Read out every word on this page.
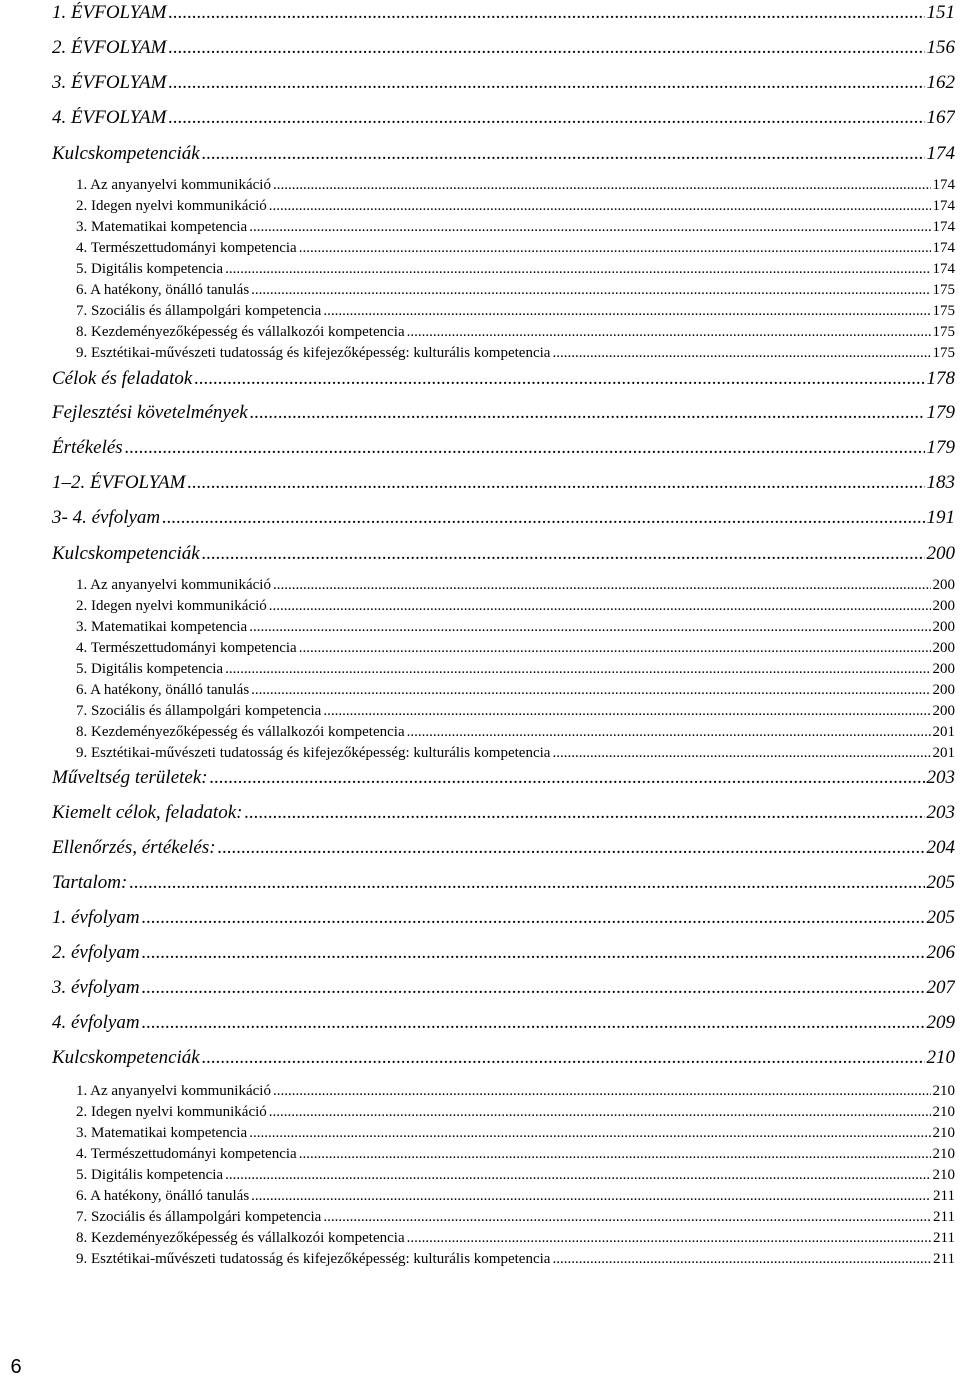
1. ÉVFOLYAM .....	151
2. ÉVFOLYAM .....	156
3. ÉVFOLYAM .....	162
4. ÉVFOLYAM .....	167
Kulcskompetenciák .....	174
1. Az anyanyelvi kommunikáció .....	174
2. Idegen nyelvi kommunikáció .....	174
3. Matematikai kompetencia .....	174
4. Természettudományi kompetencia .....	174
5. Digitális kompetencia .....	174
6. A hatékony, önálló tanulás .....	175
7. Szociális és állampolgári kompetencia .....	175
8. Kezdeményezőképesség és vállalkozói kompetencia .....	175
9. Esztétikai-művészeti tudatosság és kifejezőképesség: kulturális kompetencia .....	175
Célok és feladatok .....	178
Fejlesztési követelmények .....	179
Értékelés .....	179
1–2. ÉVFOLYAM .....	183
3- 4. évfolyam .....	191
Kulcskompetenciák .....	200
1. Az anyanyelvi kommunikáció .....	200
2. Idegen nyelvi kommunikáció .....	200
3. Matematikai kompetencia .....	200
4. Természettudományi kompetencia .....	200
5. Digitális kompetencia .....	200
6. A hatékony, önálló tanulás .....	200
7. Szociális és állampolgári kompetencia .....	200
8. Kezdeményezőképesség és vállalkozói kompetencia .....	201
9. Esztétikai-művészeti tudatosság és kifejezőképesség: kulturális kompetencia .....	201
Műveltség területek: .....	203
Kiemelt célok, feladatok: .....	203
Ellenőrzés, értékelés: .....	204
Tartalom: .....	205
1. évfolyam .....	205
2. évfolyam .....	206
3. évfolyam .....	207
4. évfolyam .....	209
Kulcskompetenciák .....	210
1. Az anyanyelvi kommunikáció .....	210
2. Idegen nyelvi kommunikáció .....	210
3. Matematikai kompetencia .....	210
4. Természettudományi kompetencia .....	210
5. Digitális kompetencia .....	210
6. A hatékony, önálló tanulás .....	211
7. Szociális és állampolgári kompetencia .....	211
8. Kezdeményezőképesség és vállalkozói kompetencia .....	211
9. Esztétikai-művészeti tudatosság és kifejezőképesség: kulturális kompetencia .....	211
6
